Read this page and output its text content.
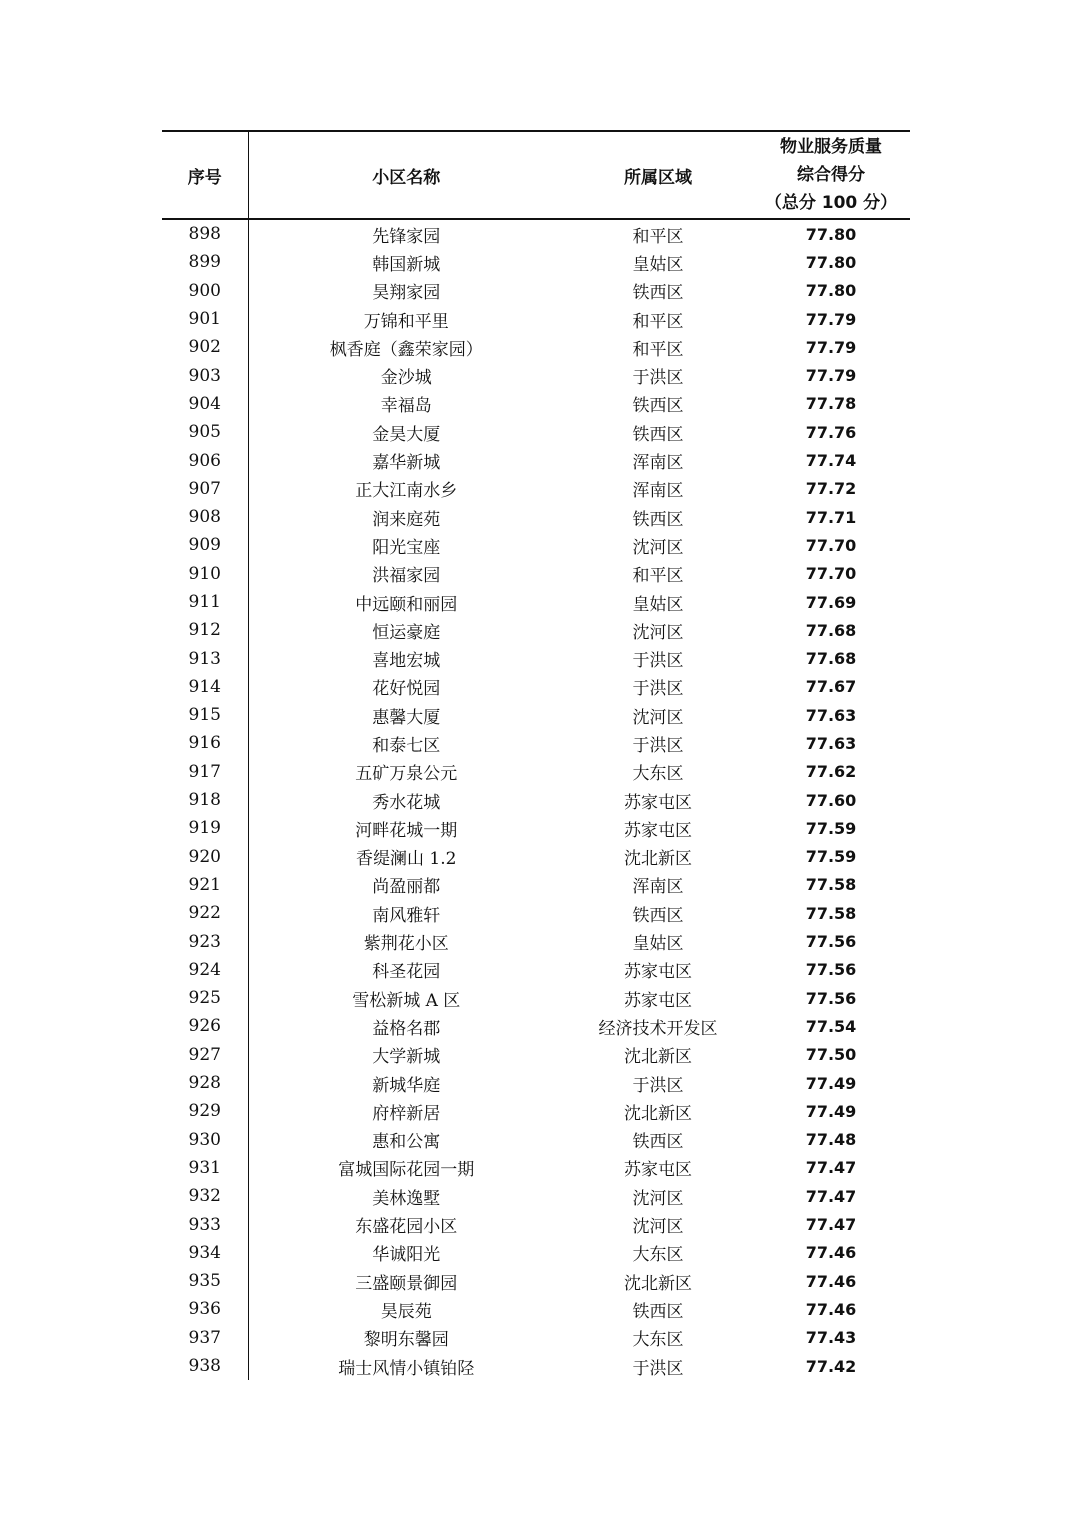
序号	小区名称	所属区域	物业服务质量
综合得分
（总分 100 分）

898	先锋家园	和平区	77.80
899	韩国新城	皇姑区	77.80
900	昊翔家园	铁西区	77.80
901	万锦和平里	和平区	77.79
902	枫香庭（鑫荣家园）	和平区	77.79
903	金沙城	于洪区	77.79
904	幸福岛	铁西区	77.78
905	金昊大厦	铁西区	77.76
906	嘉华新城	浑南区	77.74
907	正大江南水乡	浑南区	77.72
908	润来庭苑	铁西区	77.71
909	阳光宝座	沈河区	77.70
910	洪福家园	和平区	77.70
911	中远颐和丽园	皇姑区	77.69
912	恒运豪庭	沈河区	77.68
913	喜地宏城	于洪区	77.68
914	花好悦园	于洪区	77.67
915	惠馨大厦	沈河区	77.63
916	和泰七区	于洪区	77.63
917	五矿万泉公元	大东区	77.62
918	秀水花城	苏家屯区	77.60
919	河畔花城一期	苏家屯区	77.59
920	香缇澜山 1.2	沈北新区	77.59
921	尚盈丽都	浑南区	77.58
922	南风雅轩	铁西区	77.58
923	紫荆花小区	皇姑区	77.56
924	科圣花园	苏家屯区	77.56
925	雪松新城 A 区	苏家屯区	77.56
926	益格名郡	经济技术开发区	77.54
927	大学新城	沈北新区	77.50
928	新城华庭	于洪区	77.49
929	府梓新居	沈北新区	77.49
930	惠和公寓	铁西区	77.48
931	富城国际花园一期	苏家屯区	77.47
932	美林逸墅	沈河区	77.47
933	东盛花园小区	沈河区	77.47
934	华诚阳光	大东区	77.46
935	三盛颐景御园	沈北新区	77.46
936	昊辰苑	铁西区	77.46
937	黎明东馨园	大东区	77.43
938	瑞士风情小镇铂陉	于洪区	77.42
